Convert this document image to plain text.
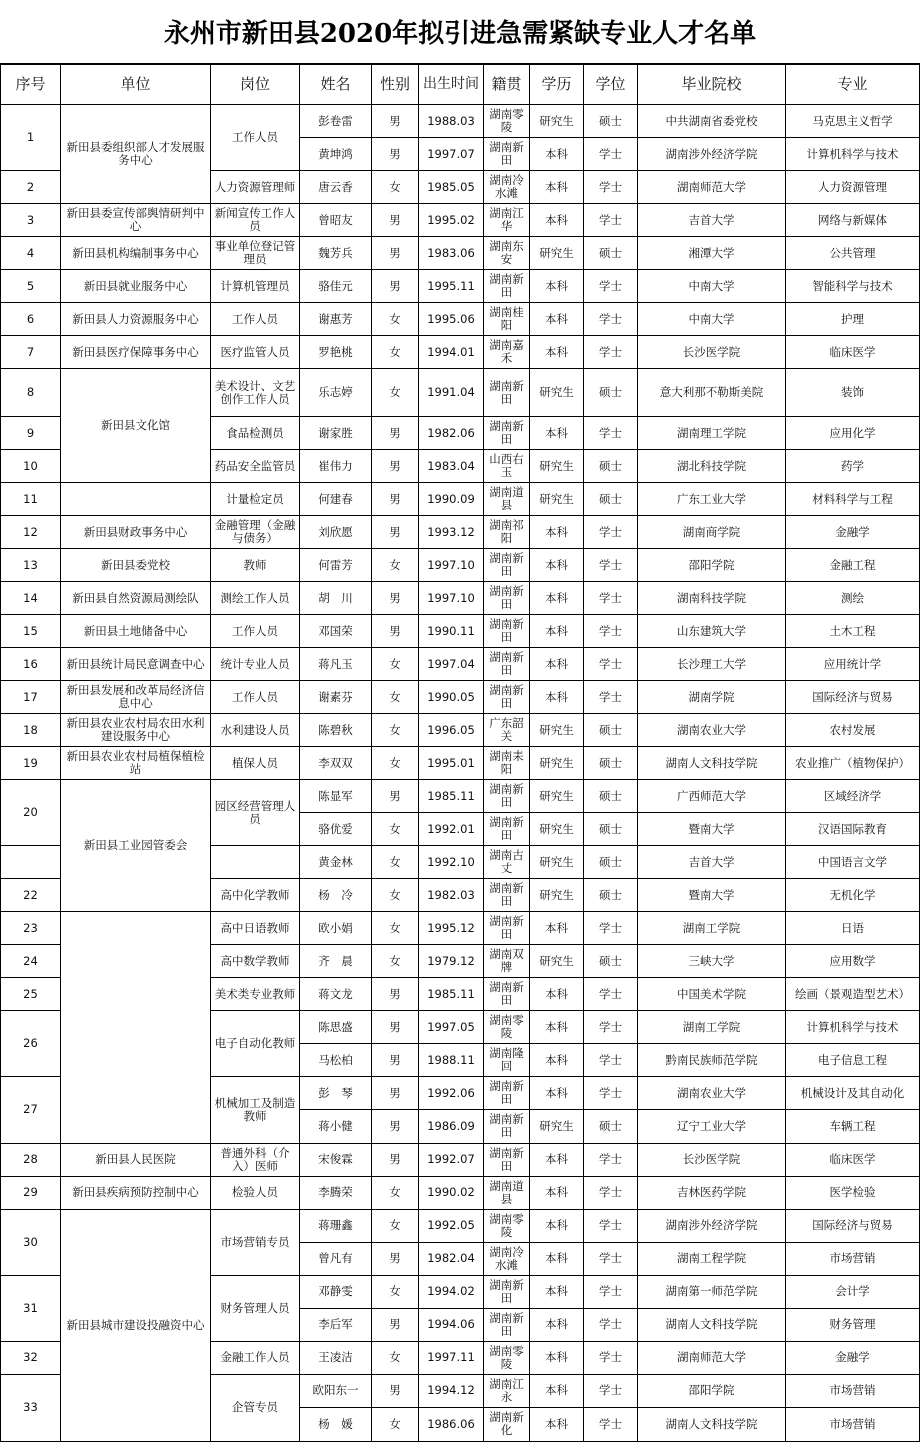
永州市新田县2020年拟引进急需紧缺专业人才名单
序号	单位	岗位	姓名	性别	出生时间	籍贯	学历	学位	毕业院校	专业
1	新田县委组织部人才发展服务中心	工作人员	彭卷雷	男	1988.03	湖南零陵	研究生	硕士	中共湖南省委党校	马克思主义哲学
			黄坤鸿	男	1997.07	湖南新田	本科	学士	湖南涉外经济学院	计算机科学与技术
2		人力资源管理师	唐云香	女	1985.05	湖南冷水滩	本科	学士	湖南师范大学	人力资源管理
3	新田县委宣传部舆情研判中心	新闻宣传工作人员	曾昭友	男	1995.02	湖南江华	本科	学士	吉首大学	网络与新媒体
4	新田县机构编制事务中心	事业单位登记管理员	魏芳兵	男	1983.06	湖南东安	研究生	硕士	湘潭大学	公共管理
5	新田县就业服务中心	计算机管理员	骆佳元	男	1995.11	湖南新田	本科	学士	中南大学	智能科学与技术
6	新田县人力资源服务中心	工作人员	谢惠芳	女	1995.06	湖南桂阳	本科	学士	中南大学	护理
7	新田县医疗保障事务中心	医疗监管人员	罗艳桃	女	1994.01	湖南嘉禾	本科	学士	长沙医学院	临床医学
8	新田县文化馆	美术设计、文艺创作工作人员	乐志婷	女	1991.04	湖南新田	研究生	硕士	意大利那不勒斯美院	装饰
9		食品检测员	谢家胜	男	1982.06	湖南新田	本科	学士	湖南理工学院	应用化学
10		药品安全监管员	崔伟力	男	1983.04	山西右玉	研究生	硕士	湖北科技学院	药学
11		计量检定员	何建春	男	1990.09	湖南道县	研究生	硕士	广东工业大学	材料科学与工程
12	新田县财政事务中心	金融管理（金融与债务）	刘欣愿	男	1993.12	湖南祁阳	本科	学士	湖南商学院	金融学
13	新田县委党校	教师	何雷芳	女	1997.10	湖南新田	本科	学士	邵阳学院	金融工程
14	新田县自然资源局测绘队	测绘工作人员	胡　川	男	1997.10	湖南新田	本科	学士	湖南科技学院	测绘
15	新田县土地储备中心	工作人员	邓国荣	男	1990.11	湖南新田	本科	学士	山东建筑大学	土木工程
16	新田县统计局民意调查中心	统计专业人员	蒋凡玉	女	1997.04	湖南新田	本科	学士	长沙理工大学	应用统计学
17	新田县发展和改革局经济信息中心	工作人员	谢素芬	女	1990.05	湖南新田	本科	学士	湖南学院	国际经济与贸易
18	新田县农业农村局农田水利建设服务中心	水利建设人员	陈碧秋	女	1996.05	广东韶关	研究生	硕士	湖南农业大学	农村发展
19	新田县农业农村局植保植检站	植保人员	李双双	女	1995.01	湖南耒阳	研究生	硕士	湖南人文科技学院	农业推广（植物保护）
20	新田县工业园管委会	园区经营管理人员	陈显军	男	1985.11	湖南新田	研究生	硕士	广西师范大学	区域经济学
			骆优爱	女	1992.01	湖南新田	研究生	硕士	暨南大学	汉语国际教育
			黄金林	女	1992.10	湖南古丈	研究生	硕士	吉首大学	中国语言文学
22		高中化学教师	杨　冷	女	1982.03	湖南新田	研究生	硕士	暨南大学	无机化学
23		高中日语教师	欧小娟	女	1995.12	湖南新田	本科	学士	湖南工学院	日语
24		高中数学教师	齐　晨	女	1979.12	湖南双牌	研究生	硕士	三峡大学	应用数学
25		美术类专业教师	蒋文龙	男	1985.11	湖南新田	本科	学士	中国美术学院	绘画（景观造型艺术）
26		电子自动化教师	陈思盛	男	1997.05	湖南零陵	本科	学士	湖南工学院	计算机科学与技术
			马松柏	男	1988.11	湖南隆回	本科	学士	黔南民族师范学院	电子信息工程
27		机械加工及制造教师	彭　琴	男	1992.06	湖南新田	本科	学士	湖南农业大学	机械设计及其自动化
			蒋小健	男	1986.09	湖南新田	研究生	硕士	辽宁工业大学	车辆工程
28	新田县人民医院	普通外科（介入）医师	宋俊霖	男	1992.07	湖南新田	本科	学士	长沙医学院	临床医学
29	新田县疾病预防控制中心	检验人员	李腾荣	女	1990.02	湖南道县	本科	学士	吉林医药学院	医学检验
30	新田县城市建设投融资中心	市场营销专员	蒋珊鑫	女	1992.05	湖南零陵	本科	学士	湖南涉外经济学院	国际经济与贸易
			曾凡有	男	1982.04	湖南冷水滩	本科	学士	湖南工程学院	市场营销
31		财务管理人员	邓静雯	女	1994.02	湖南新田	本科	学士	湖南第一师范学院	会计学
			李后军	男	1994.06	湖南新田	本科	学士	湖南人文科技学院	财务管理
32		金融工作人员	王凌洁	女	1997.11	湖南零陵	本科	学士	湖南师范大学	金融学
33		企管专员	欧阳东一	男	1994.12	湖南江永	本科	学士	邵阳学院	市场营销
			杨　媛	女	1986.06	湖南新化	本科	学士	湖南人文科技学院	市场营销
